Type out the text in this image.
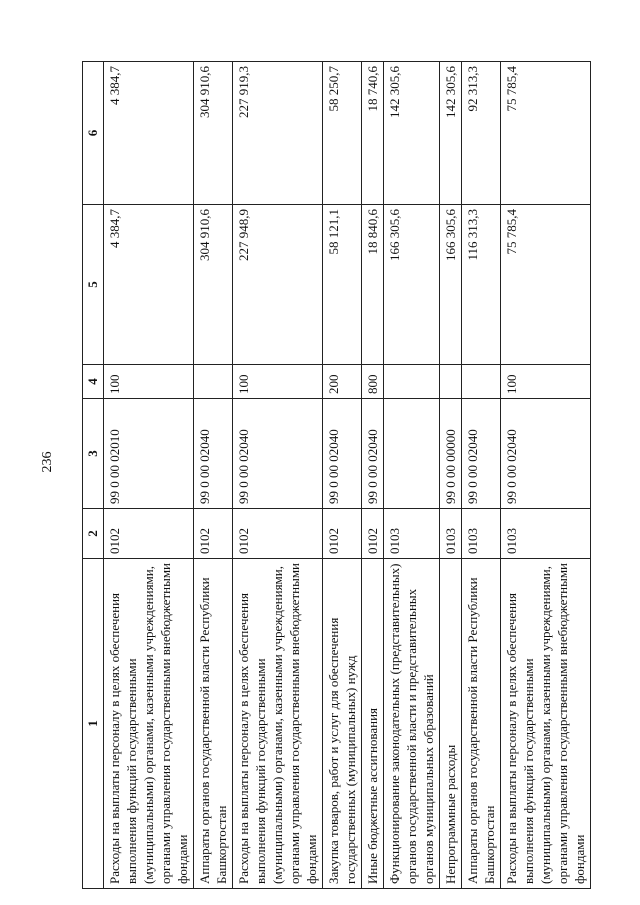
236
1	2	3	4	5	6
Расходы на выплаты персоналу в целях обеспечения выполнения функций государственными (муниципальными) органами, казенными учреждениями, органами управления государственными внебюджетными фондами	0102	99 0 00 02010	100	4 384,7	4 384,7
Аппараты органов государственной власти Республики Башкортостан	0102	99 0 00 02040		304 910,6	304 910,6
Расходы на выплаты персоналу в целях обеспечения выполнения функций государственными (муниципальными) органами, казенными учреждениями, органами управления государственными внебюджетными фондами	0102	99 0 00 02040	100	227 948,9	227 919,3
Закупка товаров, работ и услуг для обеспечения государственных (муниципальных) нужд	0102	99 0 00 02040	200	58 121,1	58 250,7
Иные бюджетные ассигнования	0102	99 0 00 02040	800	18 840,6	18 740,6
Функционирование законодательных (представительных) органов государственной власти и представительных органов муниципальных образований	0103			166 305,6	142 305,6
Непрограммные расходы	0103	99 0 00 00000		166 305,6	142 305,6
Аппараты органов государственной власти Республики Башкортостан	0103	99 0 00 02040		116 313,3	92 313,3
Расходы на выплаты персоналу в целях обеспечения выполнения функций государственными (муниципальными) органами, казенными учреждениями, органами управления государственными внебюджетными фондами	0103	99 0 00 02040	100	75 785,4	75 785,4
